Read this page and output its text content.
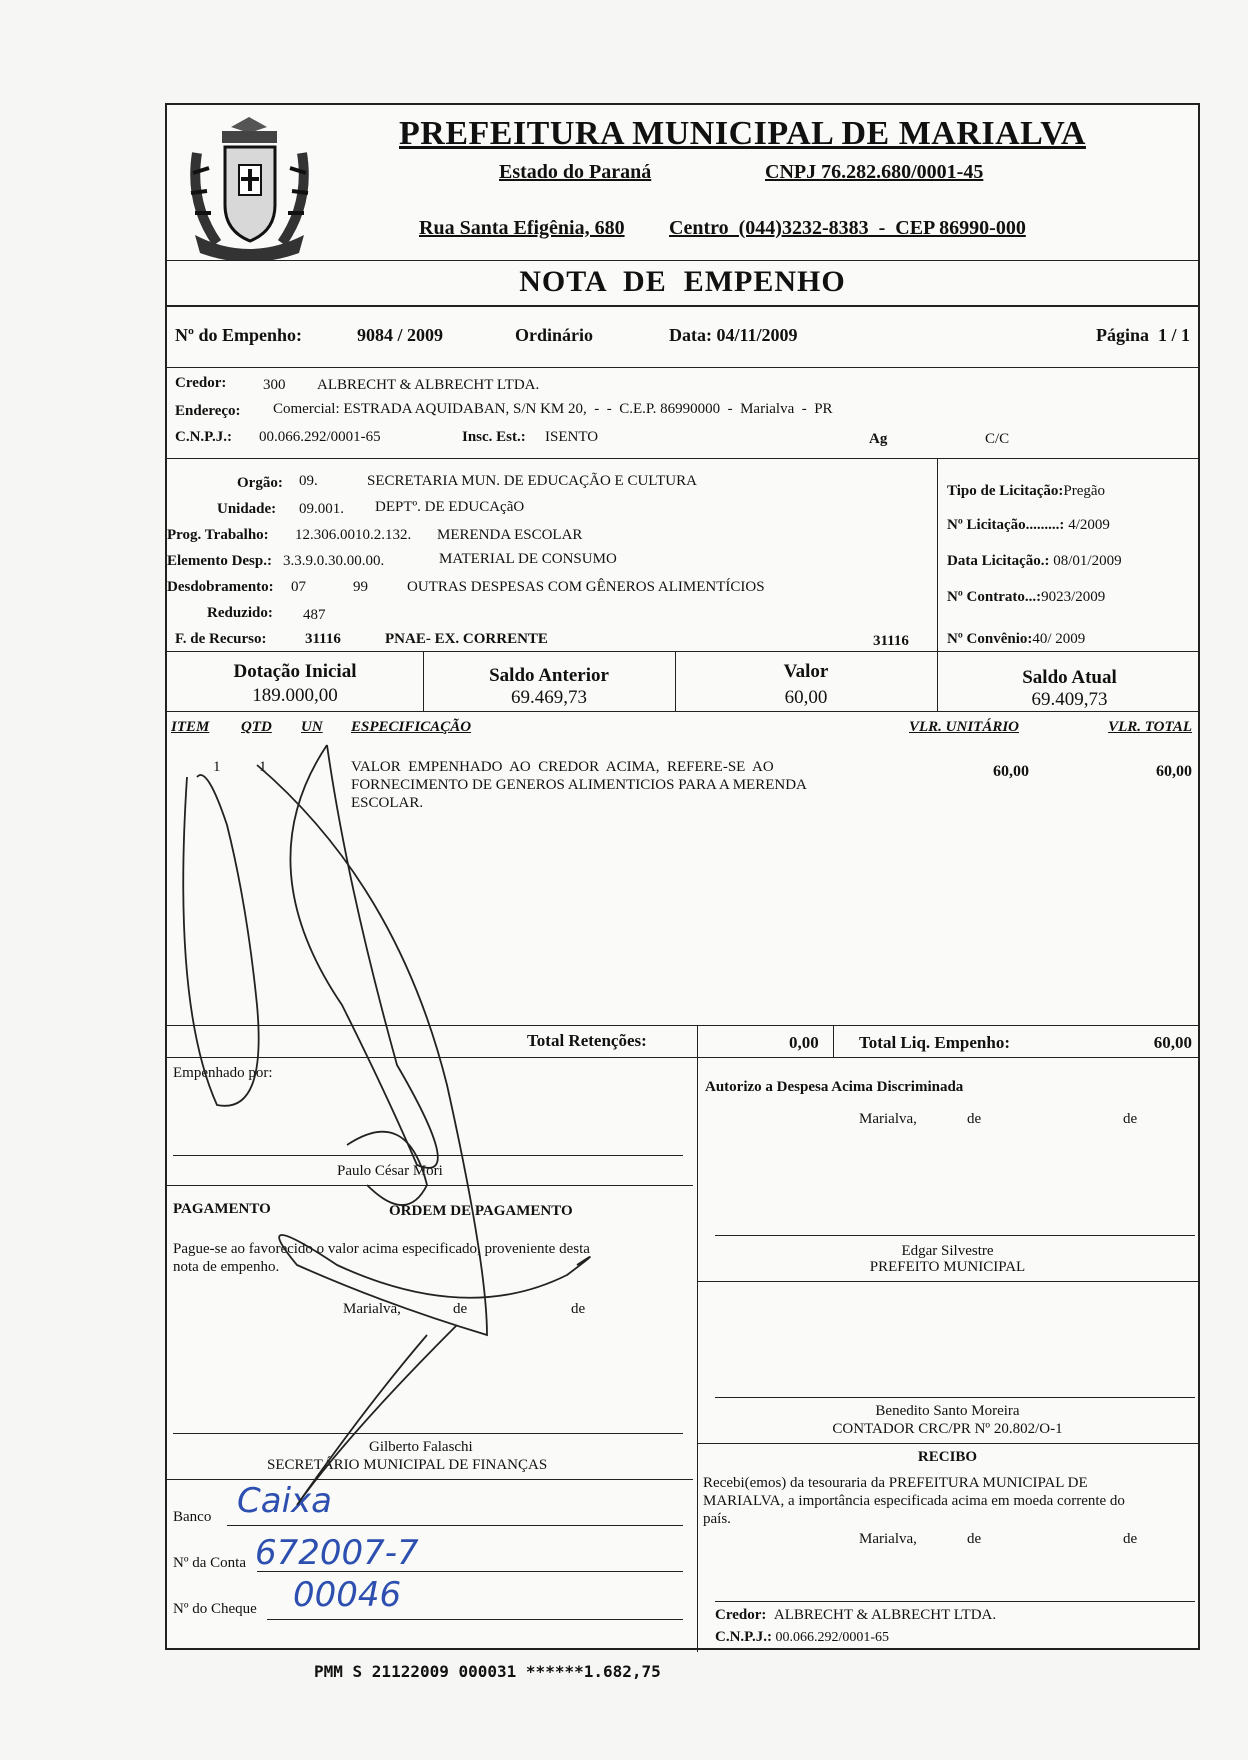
PREFEITURA MUNICIPAL DE MARIALVA
Estado do Paraná	CNPJ 76.282.680/0001-45
Rua Santa Efigênia, 680 Centro  (044)3232-8383  -  CEP 86990-000
NOTA  DE  EMPENHO
Nº do Empenho:	9084 / 2009	Ordinário	Data: 04/11/2009	Página  1 / 1
Credor: 300 ALBRECHT & ALBRECHT LTDA.
Endereço: Comercial: ESTRADA AQUIDABAN, S/N KM 20,  -  -  C.E.P. 86990000  -  Marialva  -  PR
C.N.P.J.: 00.066.292/0001-65	Insc. Est.: ISENTO	Ag	C/C
Orgão: 09.	SECRETARIA MUN. DE EDUCAÇÃO E CULTURA
Unidade: 09.001. DEPTº. DE EDUCAçãO
Prog. Trabalho: 12.306.0010.2.132. MERENDA ESCOLAR
Elemento Desp.: 3.3.9.0.30.00.00.	MATERIAL DE CONSUMO
Desdobramento: 07	99	OUTRAS DESPESAS COM GÊNEROS ALIMENTÍCIOS
Reduzido: 487
F. de Recurso:	31116	PNAE- EX. CORRENTE	31116
Tipo de Licitação:Pregão
Nº Licitação.........: 4/2009
Data Licitação.: 08/01/2009
Nº Contrato...:9023/2009
Nº Convênio:40/ 2009
Dotação Inicial
189.000,00
Saldo Anterior
69.469,73
Valor
60,00
Saldo Atual
69.409,73
ITEM QTD UN ESPECIFICAÇÃO	VLR. UNITÁRIO	VLR. TOTAL
1	1	VALOR  EMPENHADO  AO  CREDOR  ACIMA,  REFERE-SE  AO
FORNECIMENTO DE GENEROS ALIMENTICIOS PARA A MERENDA
ESCOLAR.
60,00	60,00
Total Retenções:	0,00 Total Liq. Empenho:	60,00
Empenhado por:
Paulo César Mori
PAGAMENTO	ORDEM DE PAGAMENTO
Pague-se ao favorecido o valor acima especificado, proveniente desta
nota de empenho.
Marialva,	de	de
Gilberto Falaschi
SECRETÁRIO MUNICIPAL DE FINANÇAS
Banco Caixa
Nº da Conta 672007-7
Nº do Cheque 00046
Autorizo a Despesa Acima Discriminada
Marialva,	de	de
Edgar Silvestre
PREFEITO MUNICIPAL
Benedito Santo Moreira
CONTADOR CRC/PR Nº 20.802/O-1
RECIBO
Recebi(emos) da tesouraria da PREFEITURA MUNICIPAL DE
MARIALVA, a importância especificada acima em moeda corrente do
país.
Marialva,	de	de
Credor: ALBRECHT & ALBRECHT LTDA.
C.N.P.J.: 00.066.292/0001-65
PMM S 21122009 000031 ******1.682,75
